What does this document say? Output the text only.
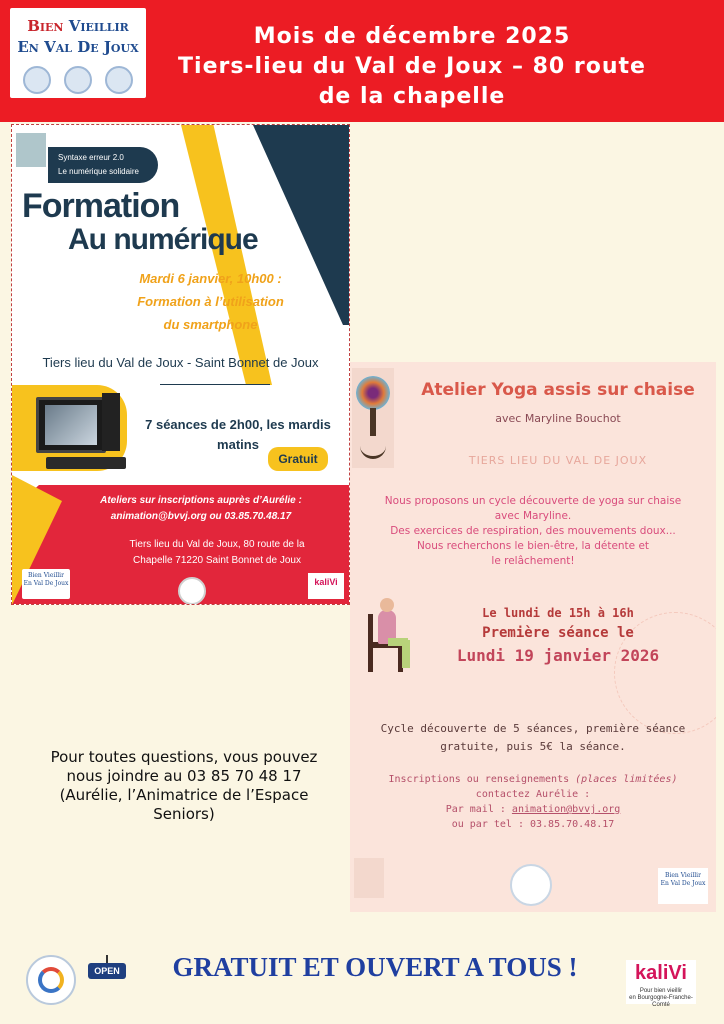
Bien Vieillir
En Val De Joux	Mois de décembre 2025
Tiers-lieu du Val de Joux – 80 route
de la chapelle
Syntaxe erreur 2.0
Le numérique solidaire
Formation
Au numérique
Mardi 6 janvier, 10h00 :
Formation à l’utilisation
du smartphone
Tiers lieu du Val de Joux - Saint Bonnet de Joux
7 séances de 2h00, les mardis
matins
Gratuit
Ateliers sur inscriptions auprès d’Aurélie :
animation@bvvj.org ou 03.85.70.48.17
Tiers lieu du Val de Joux, 80 route de la
Chapelle 71220 Saint Bonnet de Joux
Bien Vieillir
En Val De Joux	kaliVi
Atelier Yoga assis sur chaise
avec Maryline Bouchot
TIERS LIEU DU VAL DE JOUX
Nous proposons un cycle découverte de yoga sur chaise
avec Maryline.
Des exercices de respiration, des mouvements doux...
Nous recherchons le bien-être, la détente et
le relâchement!
Le lundi de 15h à 16h
Première séance le
Lundi 19 janvier 2026
Cycle découverte de 5 séances, première séance
gratuite, puis 5€ la séance.
Inscriptions ou renseignements (places limitées)
contactez Aurélie :
Par mail : animation@bvvj.org
ou par tel : 03.85.70.48.17
Bien Vieillir
En Val De Joux
Pour toutes questions, vous pouvez
nous joindre au 03 85 70 48 17
(Aurélie, l’Animatrice de l’Espace
Seniors)
OPEN	GRATUIT ET OUVERT A TOUS !	kaliVi
Pour bien vieillir
en Bourgogne-Franche-Comté
